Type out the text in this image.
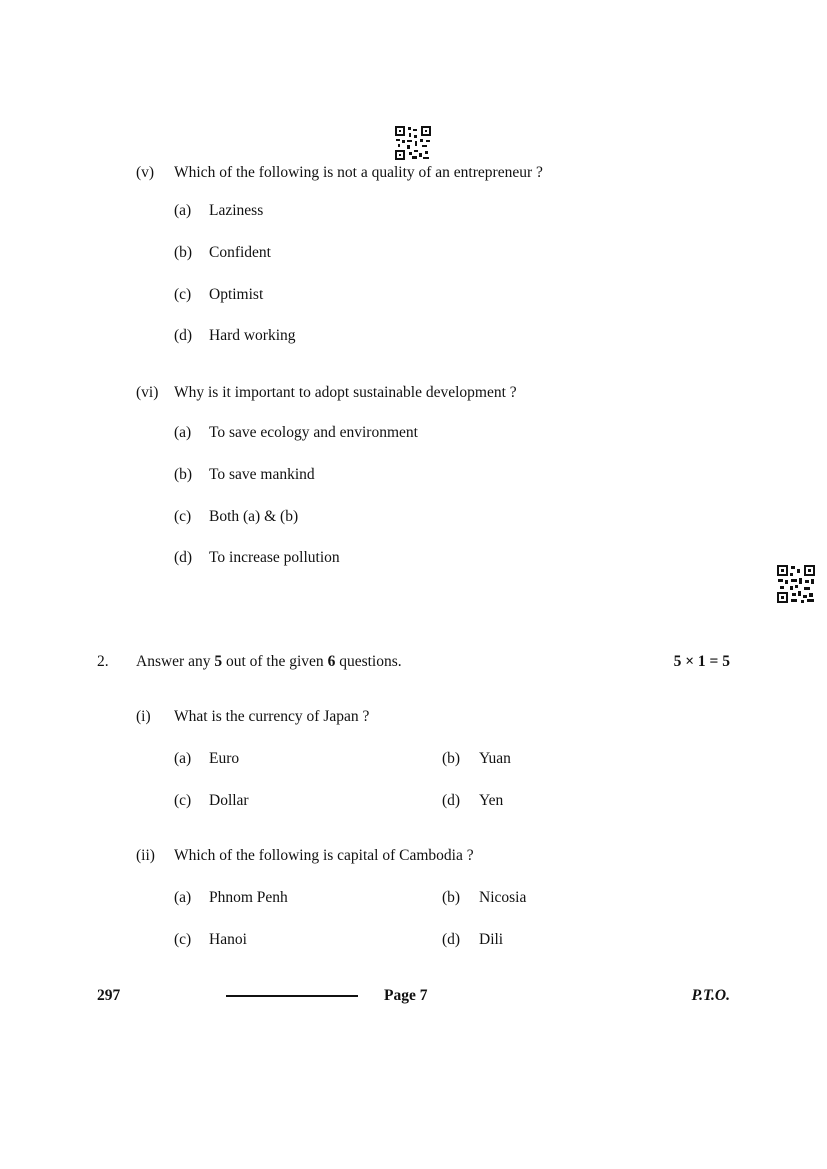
(v) Which of the following is not a quality of an entrepreneur ?
(a) Laziness
(b) Confident
(c) Optimist
(d) Hard working
(vi) Why is it important to adopt sustainable development ?
(a) To save ecology and environment
(b) To save mankind
(c) Both (a) & (b)
(d) To increase pollution
2. Answer any 5 out of the given 6 questions.	5 × 1 = 5
(i) What is the currency of Japan ?
(a) Euro	(b) Yuan
(c) Dollar	(d) Yen
(ii) Which of the following is capital of Cambodia ?
(a) Phnom Penh	(b) Nicosia
(c) Hanoi	(d) Dili
297	Page 7	P.T.O.
